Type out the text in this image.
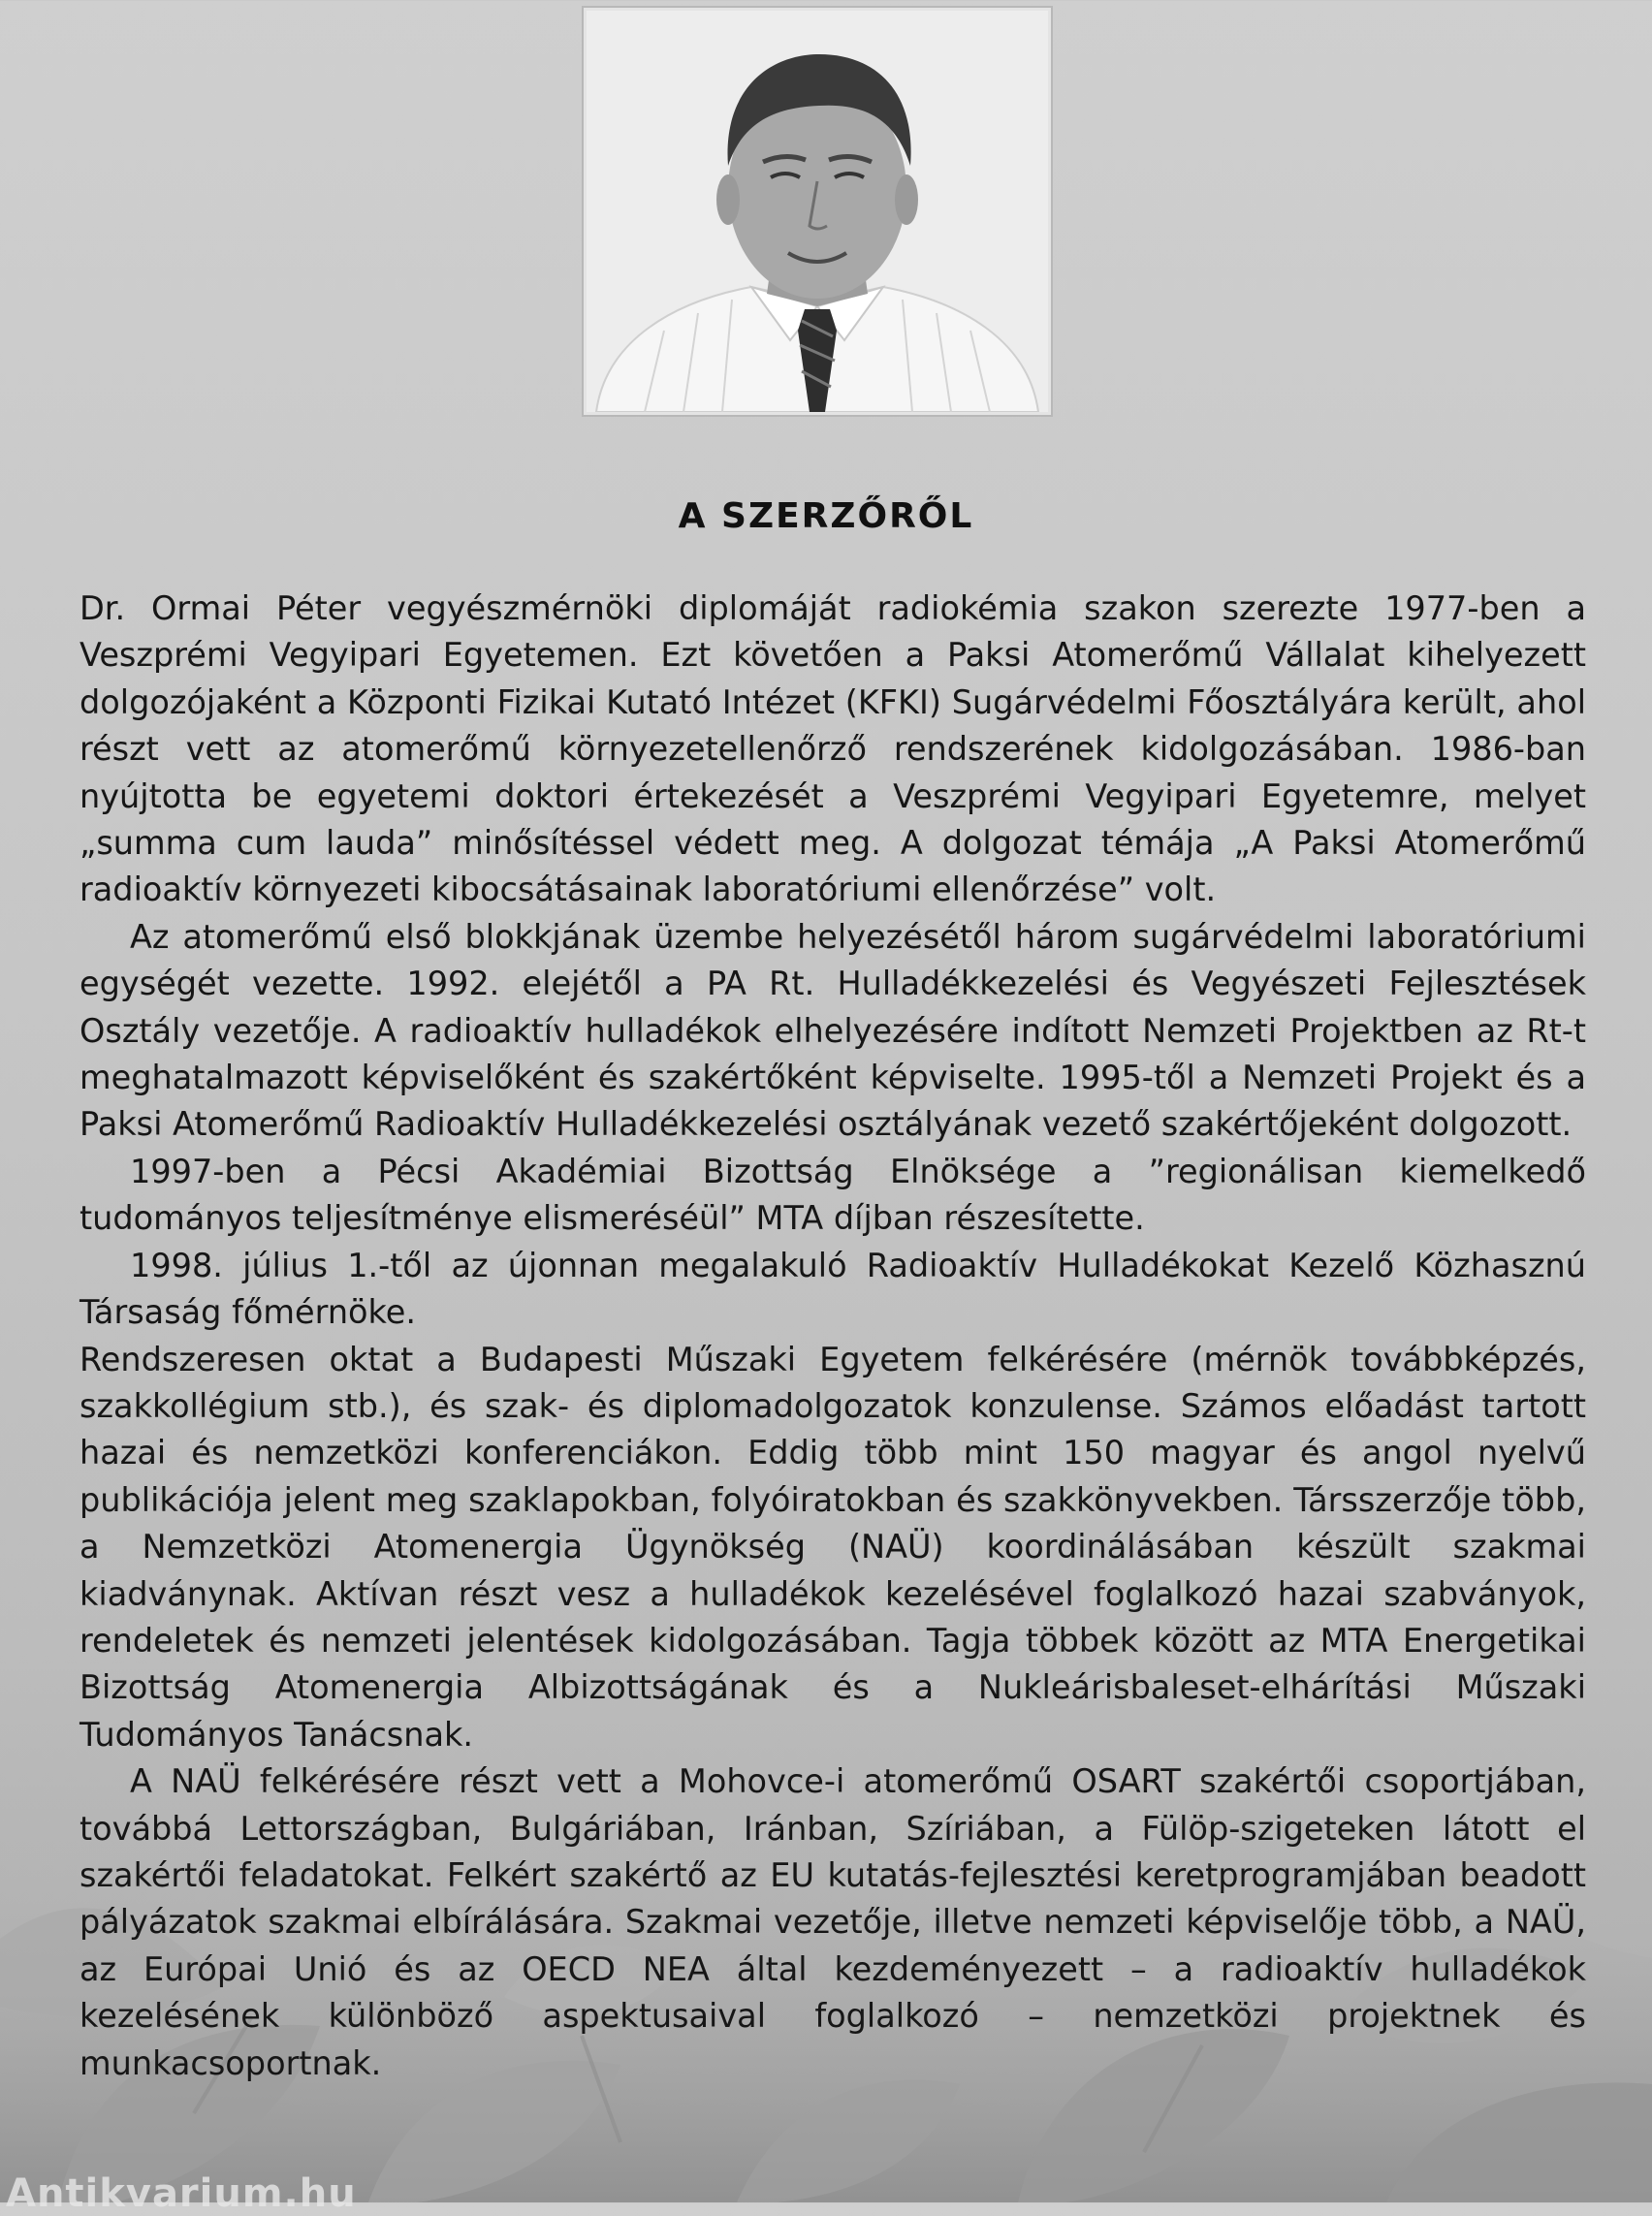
A SZERZŐRŐL

Dr. Ormai Péter vegyészmérnöki diplomáját radiokémia szakon szerezte 1977-ben a Veszprémi Vegyipari Egyetemen. Ezt követően a Paksi Atomerőmű Vállalat kihelyezett dolgozójaként a Központi Fizikai Kutató Intézet (KFKI) Sugárvédelmi Főosztályára került, ahol részt vett az atomerőmű környezetellenőrző rendszerének kidolgozásában. 1986-ban nyújtotta be egyetemi doktori értekezését a Veszprémi Vegyipari Egyetemre, melyet „summa cum lauda” minősítéssel védett meg. A dolgozat témája „A Paksi Atomerőmű radioaktív környezeti kibocsátásainak laboratóriumi ellenőrzése” volt.

Az atomerőmű első blokkjának üzembe helyezésétől három sugárvédelmi laboratóriumi egységét vezette. 1992. elejétől a PA Rt. Hulladékkezelési és Vegyészeti Fejlesztések Osztály vezetője. A radioaktív hulladékok elhelyezésére indított Nemzeti Projektben az Rt-t meghatalmazott képviselőként és szakértőként képviselte. 1995-től a Nemzeti Projekt és a Paksi Atomerőmű Radioaktív Hulladékkezelési osztályának vezető szakértőjeként dolgozott.

1997-ben a Pécsi Akadémiai Bizottság Elnöksége a ”regionálisan kiemelkedő tudományos teljesítménye elismeréséül” MTA díjban részesítette.

1998. július 1.-től az újonnan megalakuló Radioaktív Hulladékokat Kezelő Közhasznú Társaság főmérnöke.

Rendszeresen oktat a Budapesti Műszaki Egyetem felkérésére (mérnök továbbképzés, szakkollégium stb.), és szak- és diplomadolgozatok konzulense. Számos előadást tartott hazai és nemzetközi konferenciákon. Eddig több mint 150 magyar és angol nyelvű publikációja jelent meg szaklapokban, folyóiratokban és szakkönyvekben. Társszerzője több, a Nemzetközi Atomenergia Ügynökség (NAÜ) koordinálásában készült szakmai kiadványnak. Aktívan részt vesz a hulladékok kezelésével foglalkozó hazai szabványok, rendeletek és nemzeti jelentések kidolgozásában. Tagja többek között az MTA Energetikai Bizottság Atomenergia Albizottságának és a Nukleárisbaleset-elhárítási Műszaki Tudományos Tanácsnak.

A NAÜ felkérésére részt vett a Mohovce-i atomerőmű OSART szakértői csoportjában, továbbá Lettországban, Bulgáriában, Iránban, Szíriában, a Fülöp-szigeteken látott el szakértői feladatokat. Felkért szakértő az EU kutatás-fejlesztési keretprogramjában beadott pályázatok szakmai elbírálására. Szakmai vezetője, illetve nemzeti képviselője több, a NAÜ, az Európai Unió és az OECD NEA által kezdeményezett – a radioaktív hulladékok kezelésének különböző aspektusaival foglalkozó – nemzetközi projektnek és munkacsoportnak.

Antikvarium.hu
